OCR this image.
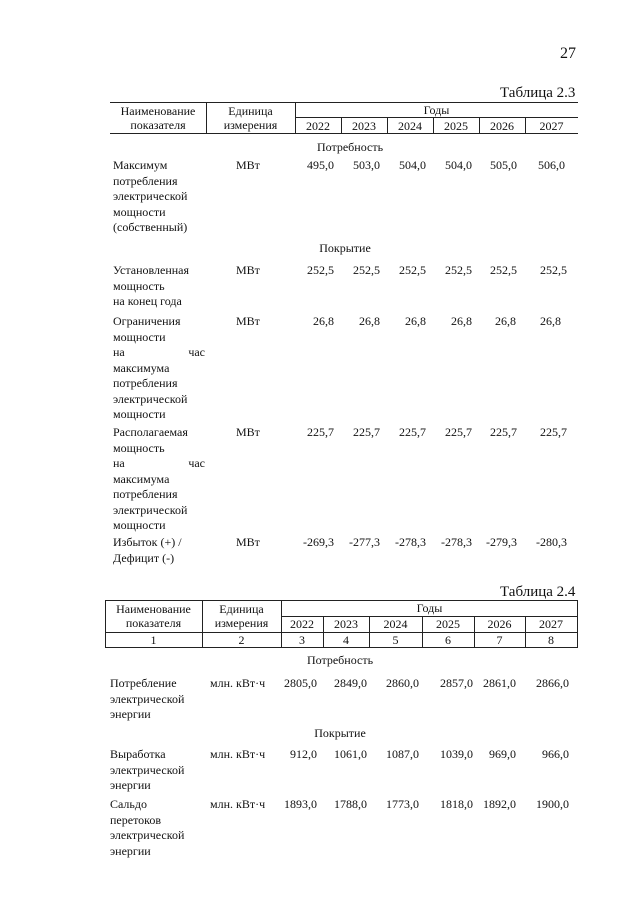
27
Таблица 2.3
Наименование
показателя
Единица
измерения
Годы
2022	2023	2024	2025	2026	2027
Потребность
Максимум
потребления
электрической
мощности
(собственный)
МВт	495,0	503,0	504,0	504,0	505,0	506,0
Покрытие
Установленная
мощность
на конец года
МВт	252,5	252,5	252,5	252,5	252,5	252,5
Ограничения
мощности
на	час
максимума
потребления
электрической
мощности
МВт	26,8	26,8	26,8	26,8	26,8	26,8
Располагаемая
мощность
на	час
максимума
потребления
электрической
мощности
МВт	225,7	225,7	225,7	225,7	225,7	225,7
Избыток (+) /
Дефицит (-)
МВт	-269,3	-277,3	-278,3	-278,3	-279,3	-280,3
Таблица 2.4
Наименование
показателя
Единица
измерения
Годы
2022	2023	2024	2025	2026	2027
1	2	3	4	5	6	7	8
Потребность
Потребление
электрической
энергии
млн. кВт·ч	2805,0	2849,0	2860,0	2857,0 2861,0	2866,0
Покрытие
Выработка
электрической
энергии
млн. кВт·ч	912,0	1061,0	1087,0	1039,0	969,0	966,0
Сальдо
перетоков
электрической
энергии
млн. кВт·ч	1893,0	1788,0	1773,0	1818,0 1892,0	1900,0
